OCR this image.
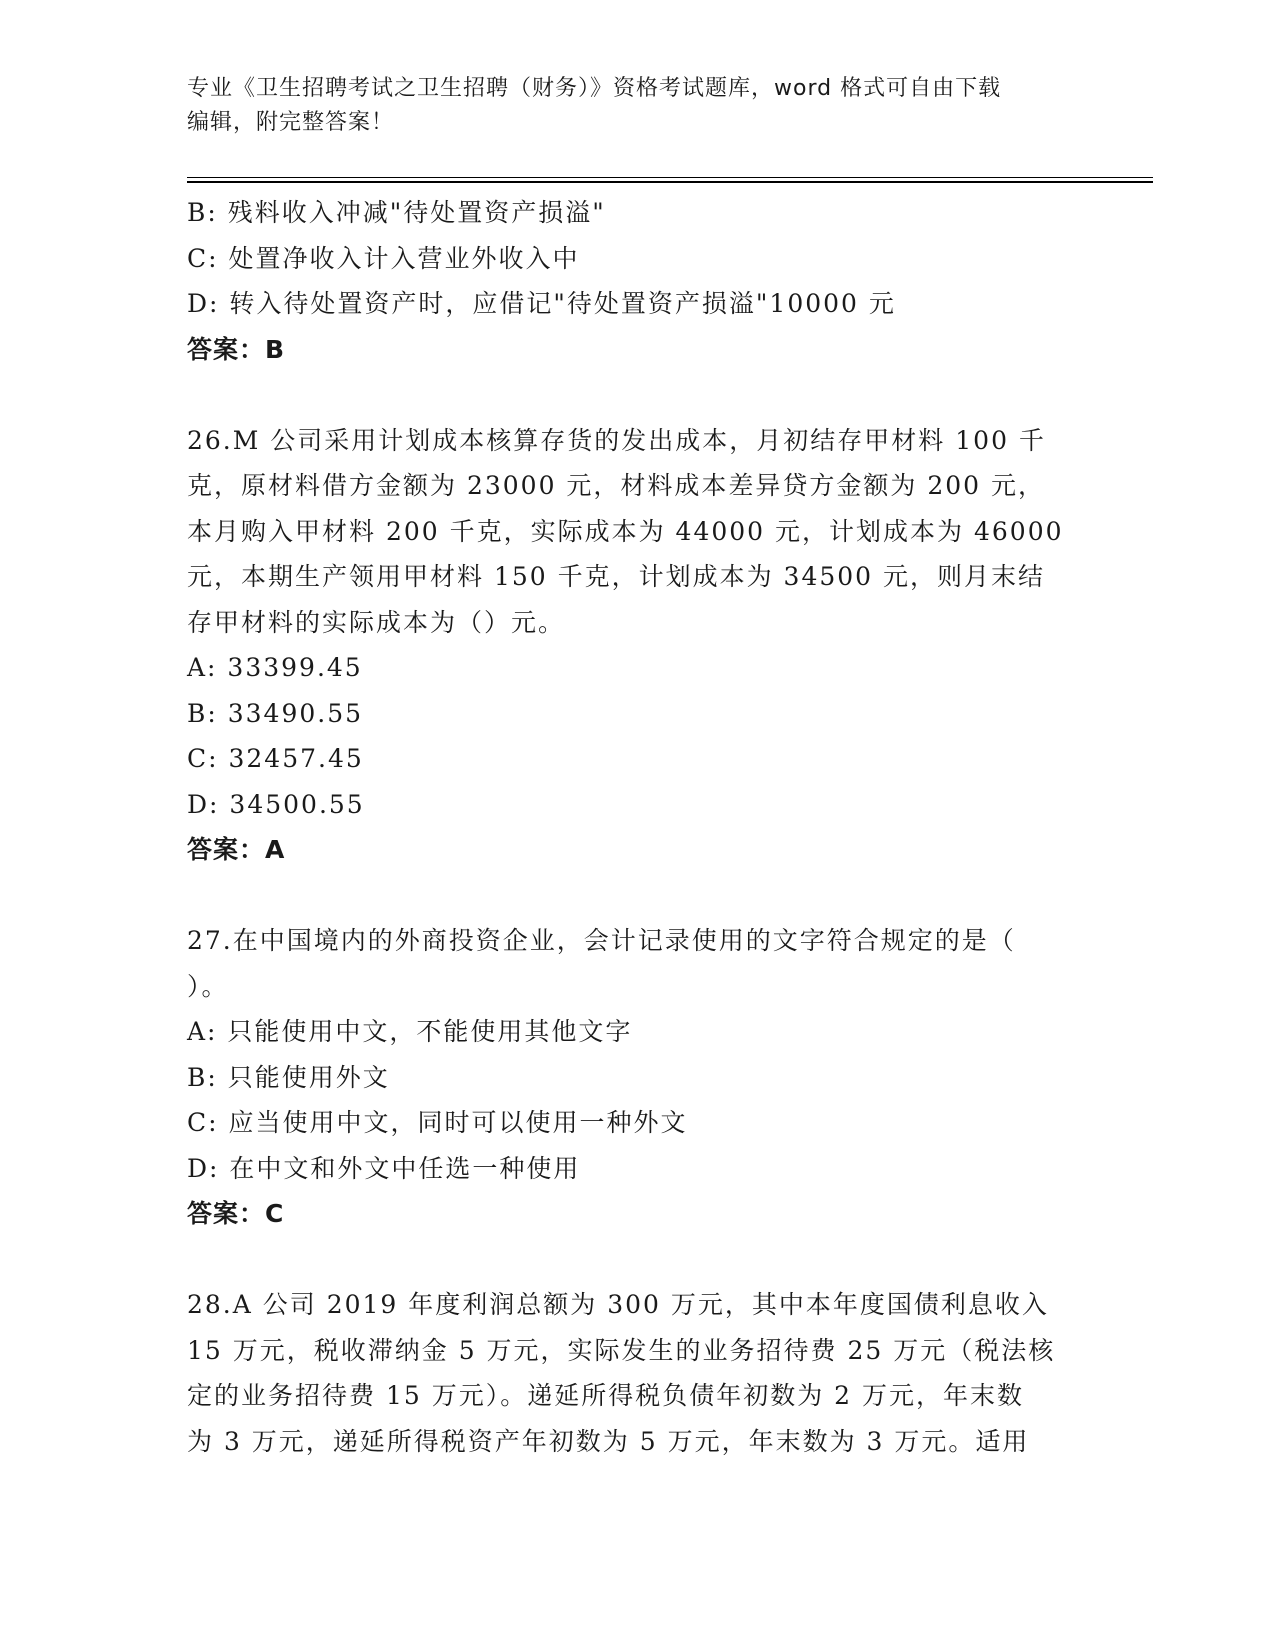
专业《卫生招聘考试之卫生招聘（财务）》资格考试题库，word 格式可自由下载
编辑，附完整答案！
B: 残料收入冲减"待处置资产损溢"
C: 处置净收入计入营业外收入中
D: 转入待处置资产时，应借记"待处置资产损溢"10000 元
答案：B
26.M 公司采用计划成本核算存货的发出成本，月初结存甲材料 100 千
克，原材料借方金额为 23000 元，材料成本差异贷方金额为 200 元，
本月购入甲材料 200 千克，实际成本为 44000 元，计划成本为 46000
元，本期生产领用甲材料 150 千克，计划成本为 34500 元，则月末结
存甲材料的实际成本为（）元。
A: 33399.45
B: 33490.55
C: 32457.45
D: 34500.55
答案：A
27.在中国境内的外商投资企业，会计记录使用的文字符合规定的是（
）。
A: 只能使用中文，不能使用其他文字
B: 只能使用外文
C: 应当使用中文，同时可以使用一种外文
D: 在中文和外文中任选一种使用
答案：C
28.A 公司 2019 年度利润总额为 300 万元，其中本年度国债利息收入
15 万元，税收滞纳金 5 万元，实际发生的业务招待费 25 万元（税法核
定的业务招待费 15 万元）。递延所得税负债年初数为 2 万元，年末数
为 3 万元，递延所得税资产年初数为 5 万元，年末数为 3 万元。适用
